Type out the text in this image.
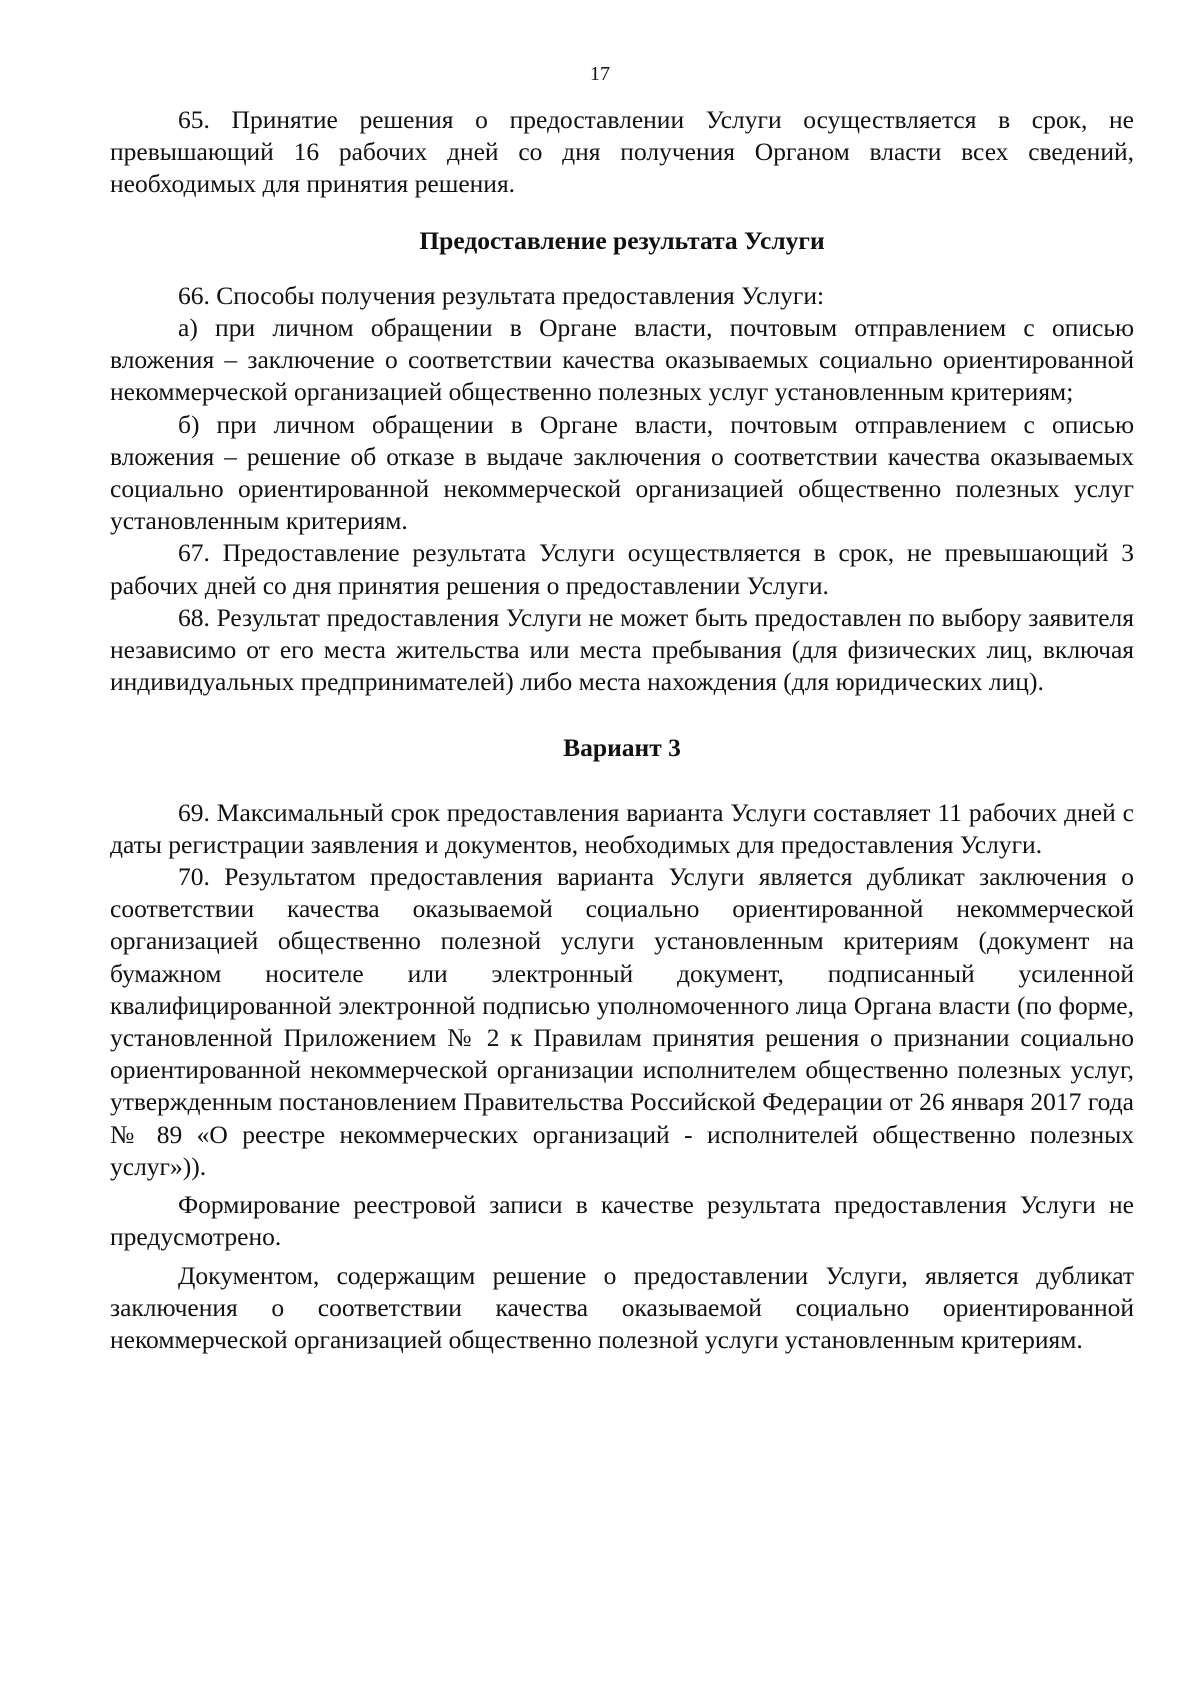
17

65. Принятие решения о предоставлении Услуги осуществляется в срок, не превышающий 16 рабочих дней со дня получения Органом власти всех сведений, необходимых для принятия решения.

Предоставление результата Услуги

66. Способы получения результата предоставления Услуги:

а) при личном обращении в Органе власти, почтовым отправлением с описью вложения – заключение о соответствии качества оказываемых социально ориентированной некоммерческой организацией общественно полезных услуг установленным критериям;

б) при личном обращении в Органе власти, почтовым отправлением с описью вложения – решение об отказе в выдаче заключения о соответствии качества оказываемых социально ориентированной некоммерческой организацией общественно полезных услуг установленным критериям.

67. Предоставление результата Услуги осуществляется в срок, не превышающий 3 рабочих дней со дня принятия решения о предоставлении Услуги.

68. Результат предоставления Услуги не может быть предоставлен по выбору заявителя независимо от его места жительства или места пребывания (для физических лиц, включая индивидуальных предпринимателей) либо места нахождения (для юридических лиц).

Вариант 3

69. Максимальный срок предоставления варианта Услуги составляет 11 рабочих дней с даты регистрации заявления и документов, необходимых для предоставления Услуги.

70. Результатом предоставления варианта Услуги является дубликат заключения о соответствии качества оказываемой социально ориентированной некоммерческой организацией общественно полезной услуги установленным критериям (документ на бумажном носителе или электронный документ, подписанный усиленной квалифицированной электронной подписью уполномоченного лица Органа власти (по форме, установленной Приложением № 2 к Правилам принятия решения о признании социально ориентированной некоммерческой организации исполнителем общественно полезных услуг, утвержденным постановлением Правительства Российской Федерации от 26 января 2017 года № 89 «О реестре некоммерческих организаций - исполнителей общественно полезных услуг»)).

Формирование реестровой записи в качестве результата предоставления Услуги не предусмотрено.

Документом, содержащим решение о предоставлении Услуги, является дубликат заключения о соответствии качества оказываемой социально ориентированной некоммерческой организацией общественно полезной услуги установленным критериям.
